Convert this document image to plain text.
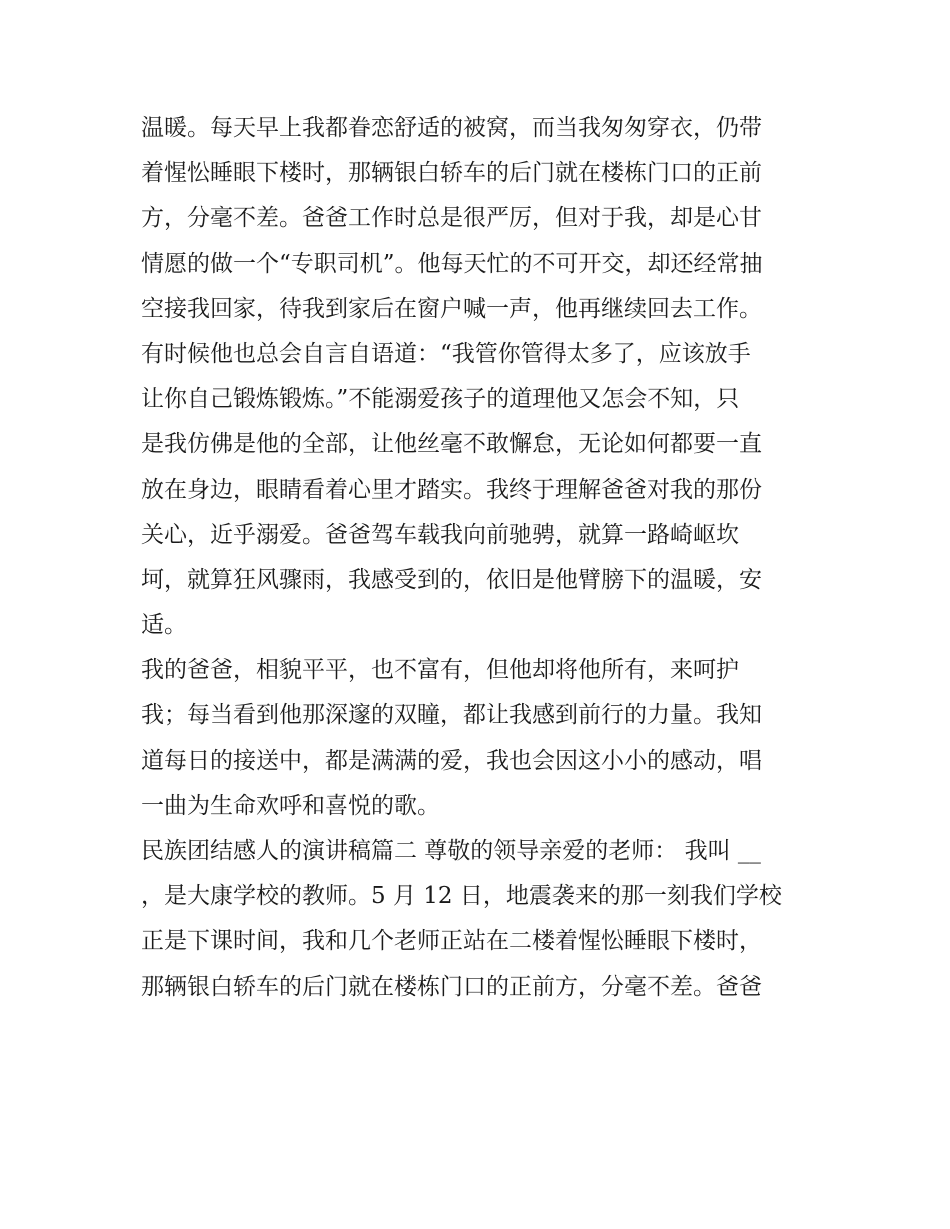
温暖。每天早上我都眷恋舒适的被窝，而当我匆匆穿衣，仍带
着惺忪睡眼下楼时，那辆银白轿车的后门就在楼栋门口的正前
方，分毫不差。爸爸工作时总是很严厉，但对于我，却是心甘
情愿的做一个“专职司机”。他每天忙的不可开交，却还经常抽
空接我回家，待我到家后在窗户喊一声，他再继续回去工作。
有时候他也总会自言自语道：“我管你管得太多了，应该放手
让你自己锻炼锻炼。”不能溺爱孩子的道理他又怎会不知，只
是我仿佛是他的全部，让他丝毫不敢懈怠，无论如何都要一直
放在身边，眼睛看着心里才踏实。我终于理解爸爸对我的那份
关心，近乎溺爱。爸爸驾车载我向前驰骋，就算一路崎岖坎
坷，就算狂风骤雨，我感受到的，依旧是他臂膀下的温暖，安
适。
我的爸爸，相貌平平，也不富有，但他却将他所有，来呵护
我；每当看到他那深邃的双瞳，都让我感到前行的力量。我知
道每日的接送中，都是满满的爱，我也会因这小小的感动，唱
一曲为生命欢呼和喜悦的歌。
民族团结感人的演讲稿篇二 尊敬的领导亲爱的老师： 我叫 __
，是大康学校的教师。5 月 12 日，地震袭来的那一刻我们学校
正是下课时间，我和几个老师正站在二楼着惺忪睡眼下楼时，
那辆银白轿车的后门就在楼栋门口的正前方，分毫不差。爸爸
